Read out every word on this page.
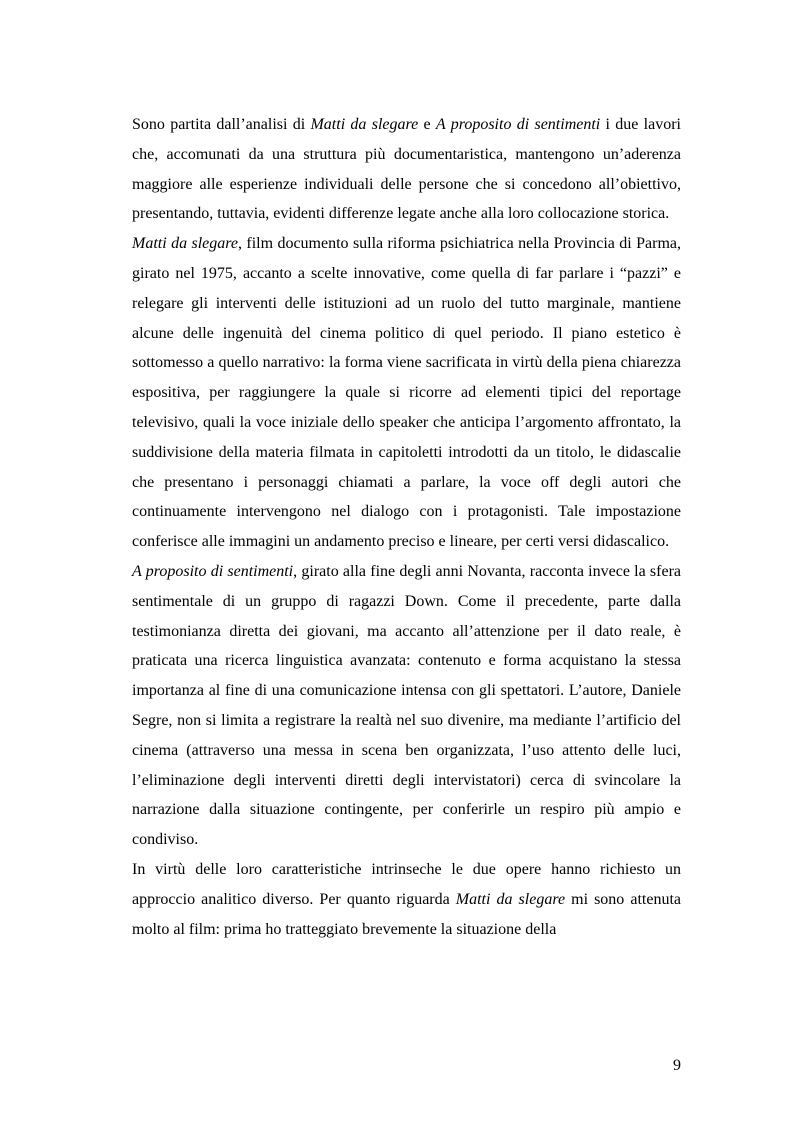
Sono partita dall’analisi di Matti da slegare e A proposito di sentimenti i due lavori che, accomunati da una struttura più documentaristica, mantengono un’aderenza maggiore alle esperienze individuali delle persone che si concedono all’obiettivo, presentando, tuttavia, evidenti differenze legate anche alla loro collocazione storica.

Matti da slegare, film documento sulla riforma psichiatrica nella Provincia di Parma, girato nel 1975, accanto a scelte innovative, come quella di far parlare i “pazzi” e relegare gli interventi delle istituzioni ad un ruolo del tutto marginale, mantiene alcune delle ingenuità del cinema politico di quel periodo. Il piano estetico è sottomesso a quello narrativo: la forma viene sacrificata in virtù della piena chiarezza espositiva, per raggiungere la quale si ricorre ad elementi tipici del reportage televisivo, quali la voce iniziale dello speaker che anticipa l’argomento affrontato, la suddivisione della materia filmata in capitoletti introdotti da un titolo, le didascalie che presentano i personaggi chiamati a parlare, la voce off degli autori che continuamente intervengono nel dialogo con i protagonisti. Tale impostazione conferisce alle immagini un andamento preciso e lineare, per certi versi didascalico.

A proposito di sentimenti, girato alla fine degli anni Novanta, racconta invece la sfera sentimentale di un gruppo di ragazzi Down. Come il precedente, parte dalla testimonianza diretta dei giovani, ma accanto all’attenzione per il dato reale, è praticata una ricerca linguistica avanzata: contenuto e forma acquistano la stessa importanza al fine di una comunicazione intensa con gli spettatori. L’autore, Daniele Segre, non si limita a registrare la realtà nel suo divenire, ma mediante l’artificio del cinema (attraverso una messa in scena ben organizzata, l’uso attento delle luci, l’eliminazione degli interventi diretti degli intervistatori) cerca di svincolare la narrazione dalla situazione contingente, per conferirle un respiro più ampio e condiviso.

In virtù delle loro caratteristiche intrinseche le due opere hanno richiesto un approccio analitico diverso. Per quanto riguarda Matti da slegare mi sono attenuta molto al film: prima ho tratteggiato brevemente la situazione della

9
